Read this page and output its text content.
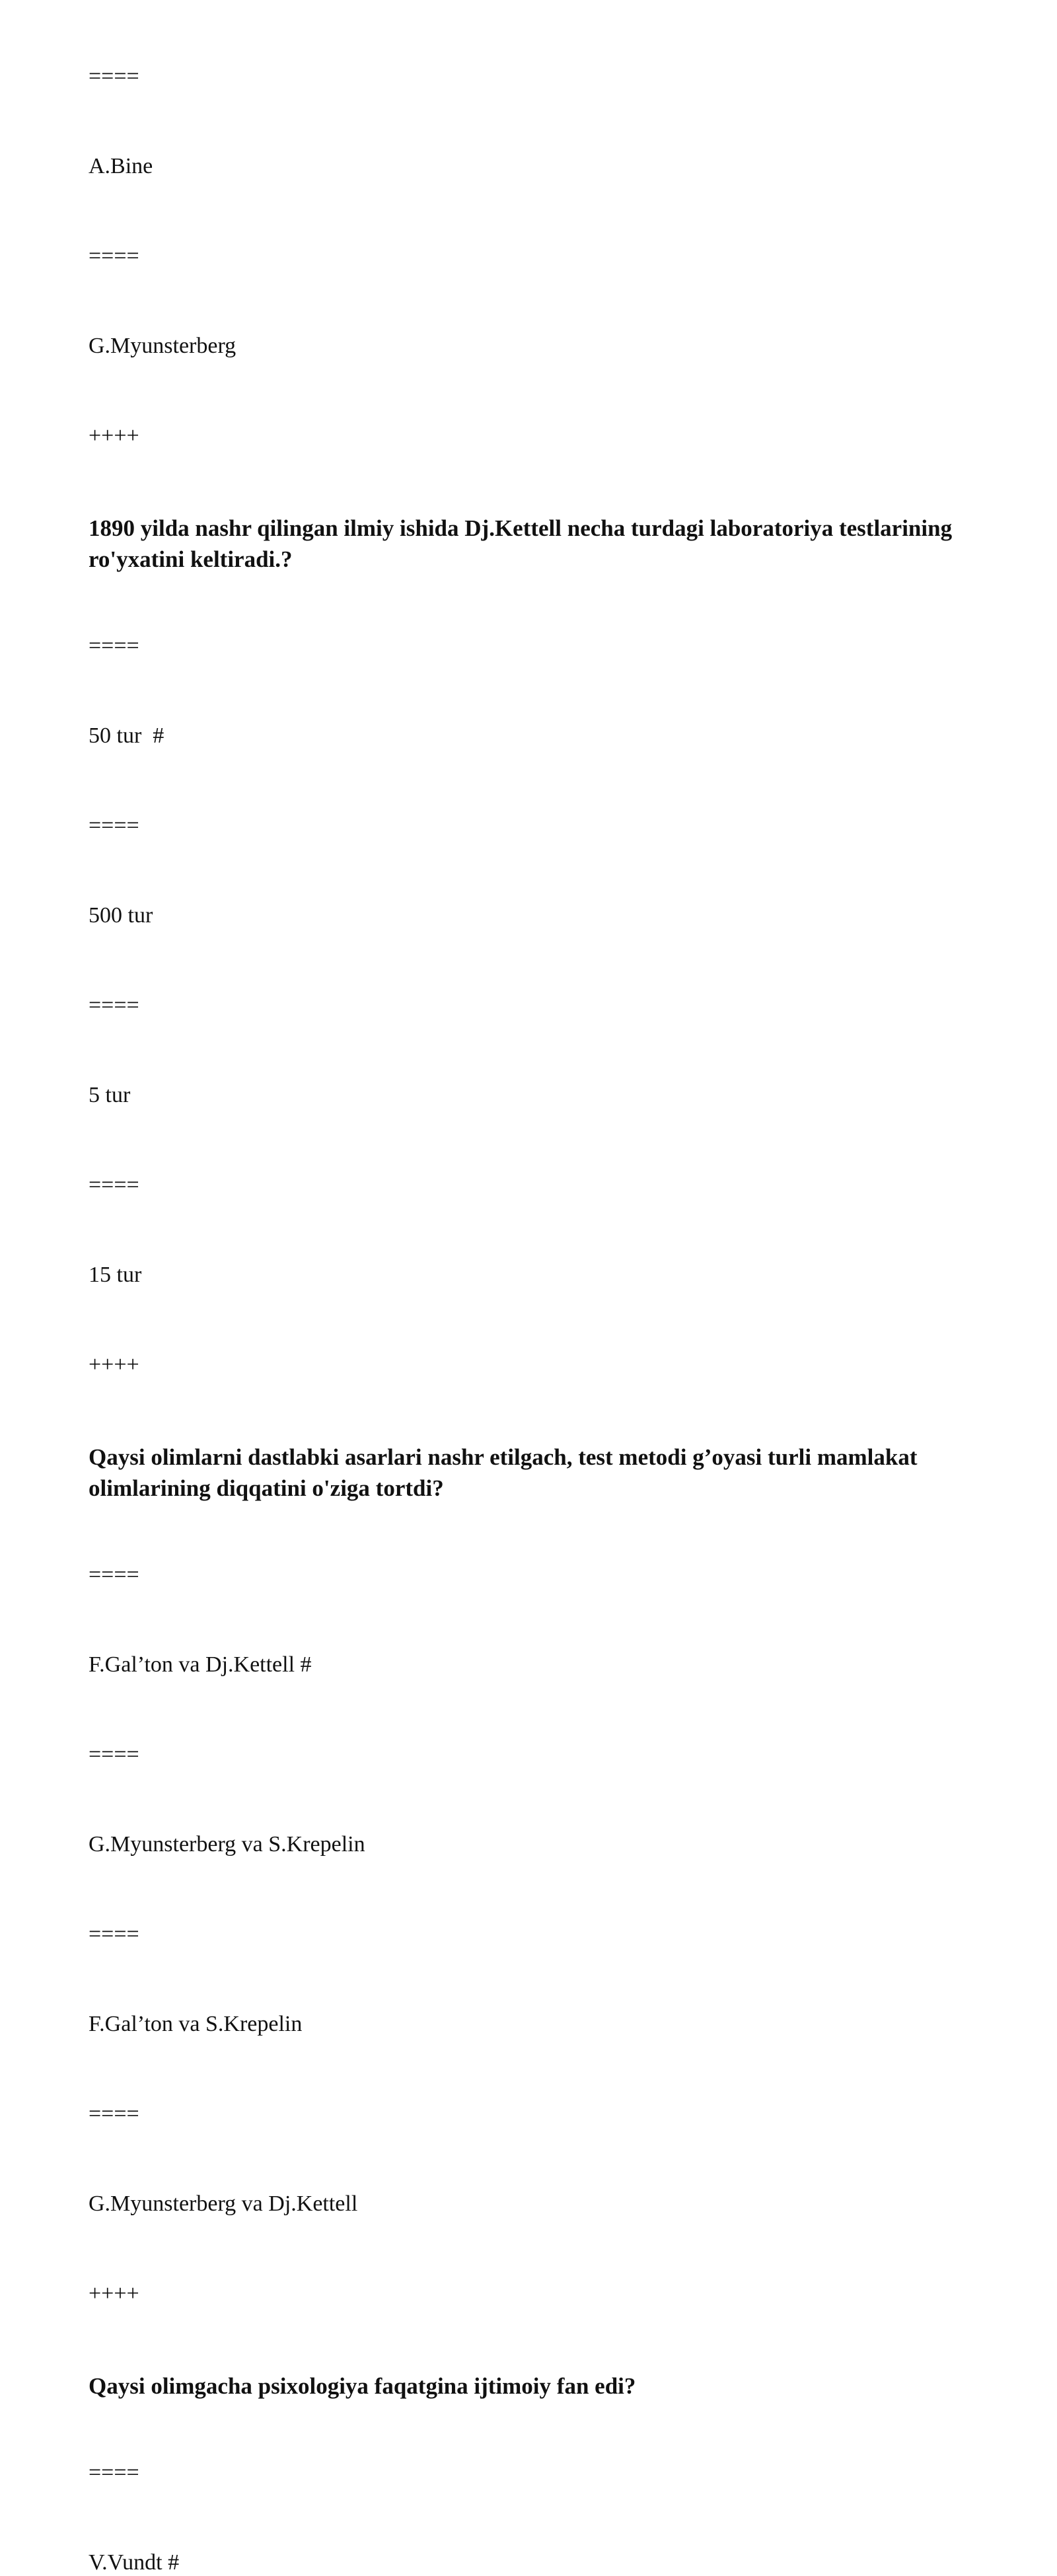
====

A.Bine

====

G.Myunsterberg

++++

1890 yilda nashr qilingan ilmiy ishida Dj.Kettell necha turdagi laboratoriya testlarining ro'yxatini keltiradi.?

====

50 tur  #

====

500 tur

====

5 tur

====

15 tur

++++

Qaysi olimlarni dastlabki asarlari nashr etilgach, test metodi g’oyasi turli mamlakat olimlarining diqqatini o'ziga tortdi?

====

F.Gal’ton va Dj.Kettell #

====

G.Myunsterberg va S.Krepelin

====

F.Gal’ton va S.Krepelin

====

G.Myunsterberg va Dj.Kettell

++++

Qaysi olimgacha psixologiya faqatgina ijtimoiy fan edi?

====

V.Vundt #
